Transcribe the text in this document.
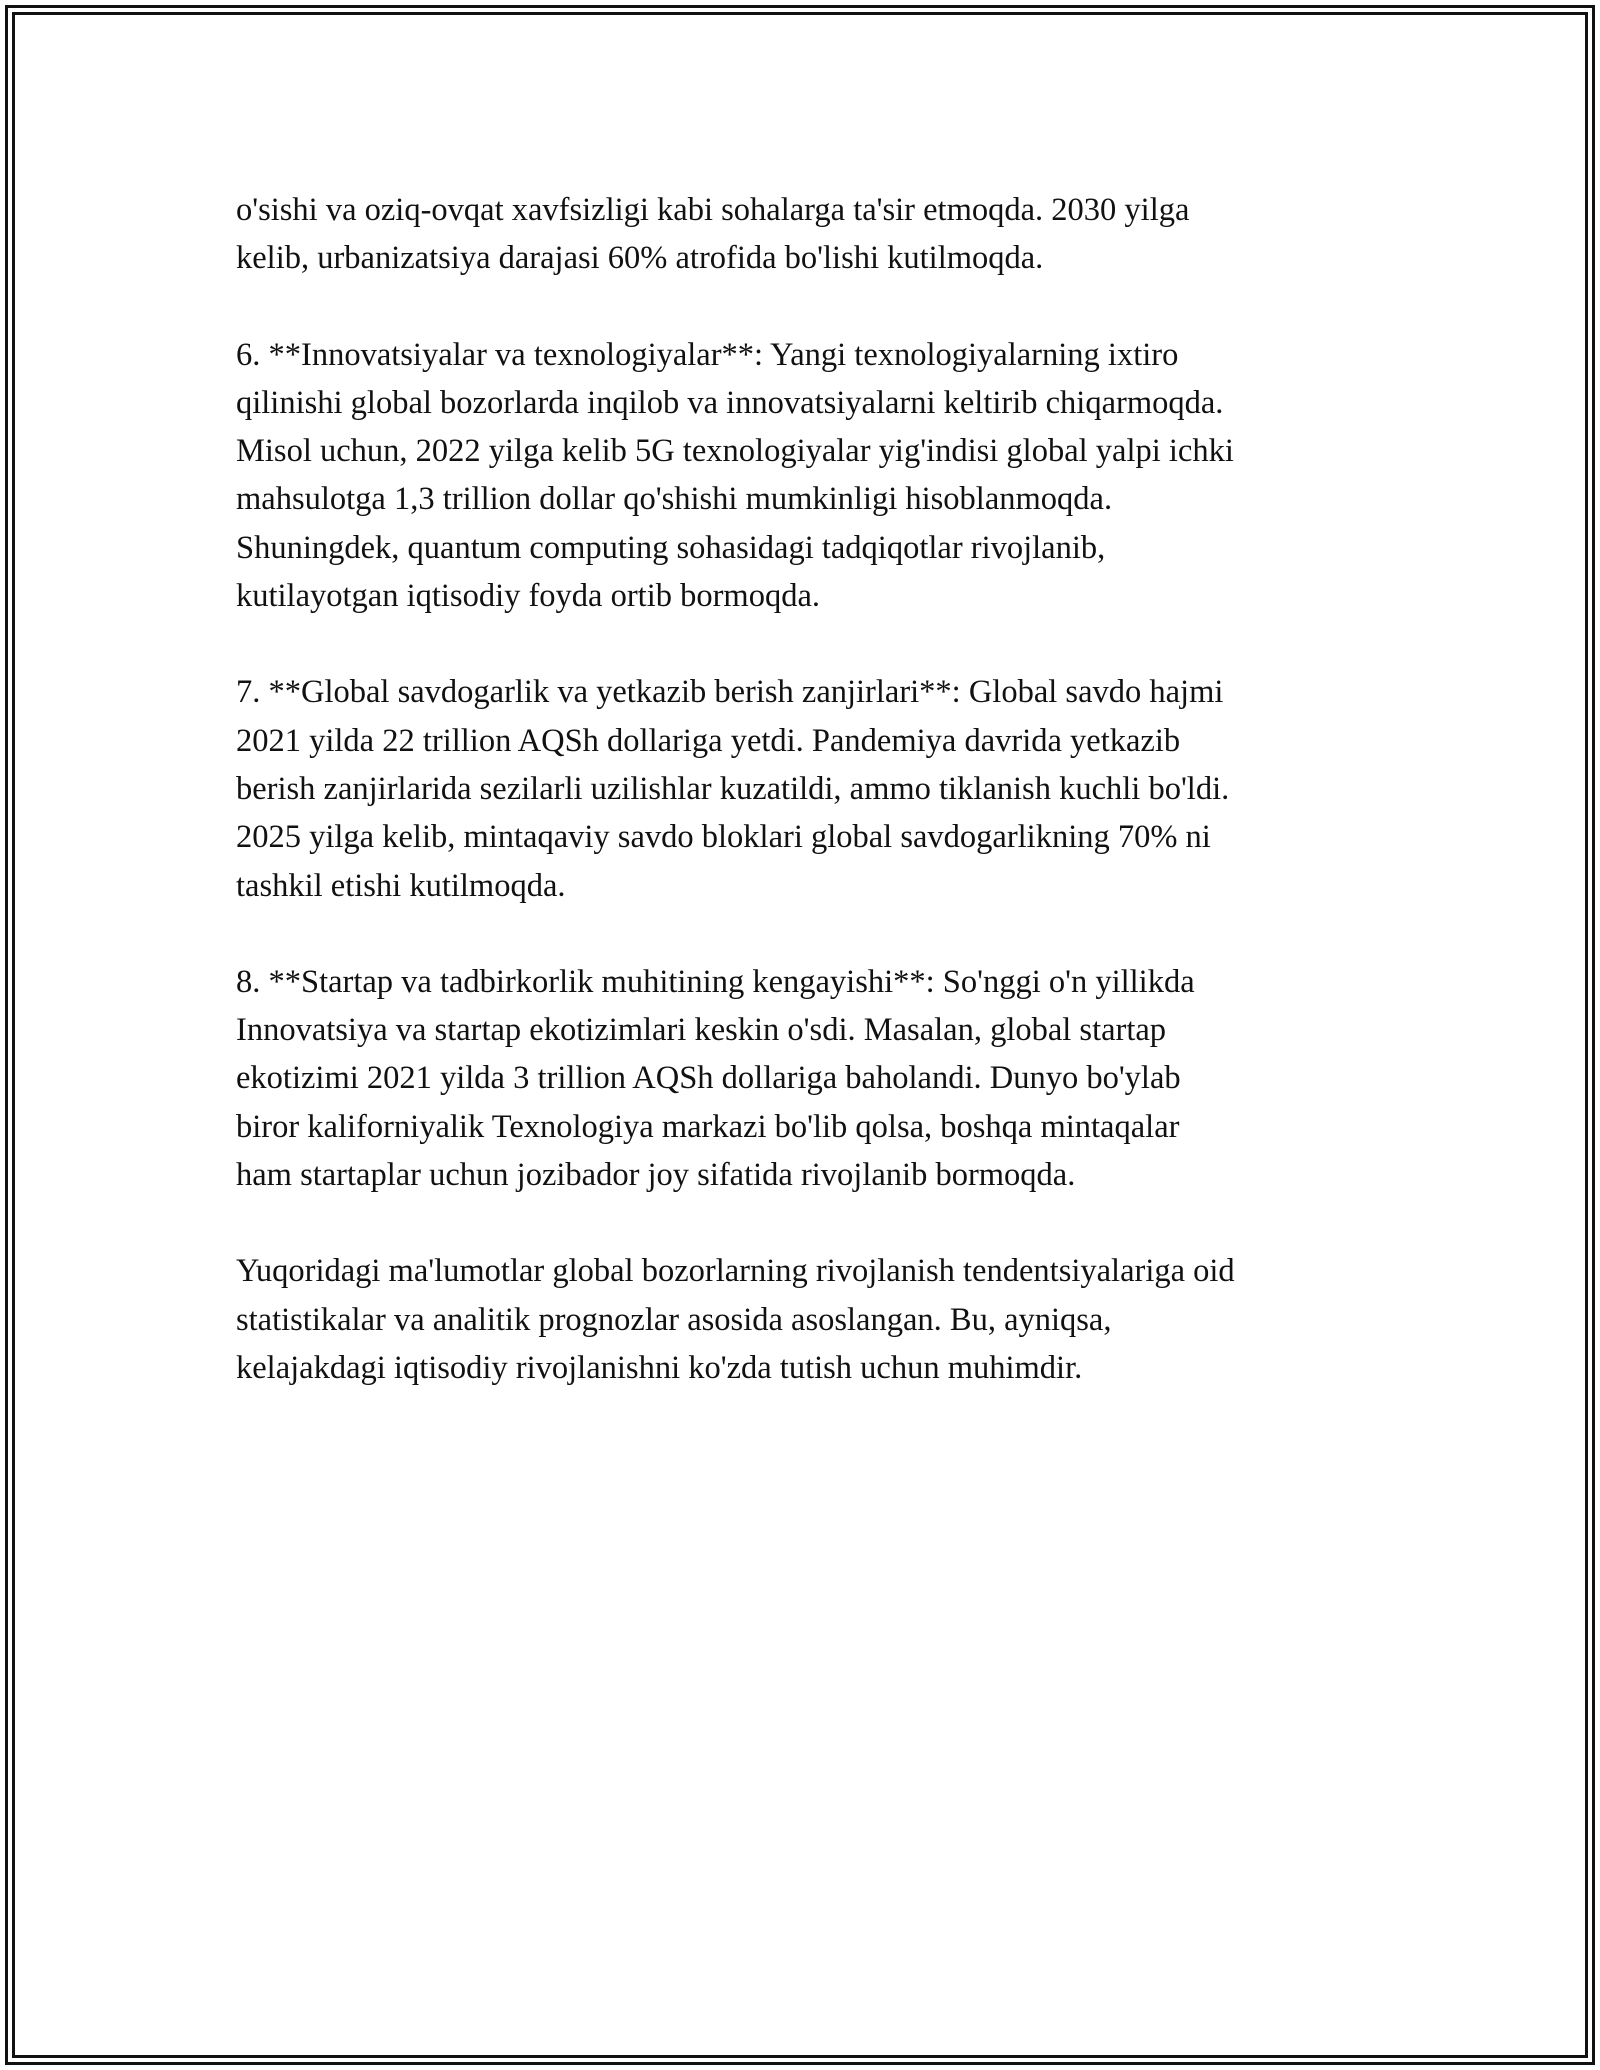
o'sishi va oziq-ovqat xavfsizligi kabi sohalarga ta'sir etmoqda. 2030 yilga
kelib, urbanizatsiya darajasi 60% atrofida bo'lishi kutilmoqda.

6. **Innovatsiyalar va texnologiyalar**: Yangi texnologiyalarning ixtiro
qilinishi global bozorlarda inqilob va innovatsiyalarni keltirib chiqarmoqda.
Misol uchun, 2022 yilga kelib 5G texnologiyalar yig'indisi global yalpi ichki
mahsulotga 1,3 trillion dollar qo'shishi mumkinligi hisoblanmoqda.
Shuningdek, quantum computing sohasidagi tadqiqotlar rivojlanib,
kutilayotgan iqtisodiy foyda ortib bormoqda.

7. **Global savdogarlik va yetkazib berish zanjirlari**: Global savdo hajmi
2021 yilda 22 trillion AQSh dollariga yetdi. Pandemiya davrida yetkazib
berish zanjirlarida sezilarli uzilishlar kuzatildi, ammo tiklanish kuchli bo'ldi.
2025 yilga kelib, mintaqaviy savdo bloklari global savdogarlikning 70% ni
tashkil etishi kutilmoqda.

8. **Startap va tadbirkorlik muhitining kengayishi**: So'nggi o'n yillikda
Innovatsiya va startap ekotizimlari keskin o'sdi. Masalan, global startap
ekotizimi 2021 yilda 3 trillion AQSh dollariga baholandi. Dunyo bo'ylab
biror kaliforniyalik Texnologiya markazi bo'lib qolsa, boshqa mintaqalar
ham startaplar uchun jozibador joy sifatida rivojlanib bormoqda.

Yuqoridagi ma'lumotlar global bozorlarning rivojlanish tendentsiyalariga oid
statistikalar va analitik prognozlar asosida asoslangan. Bu, ayniqsa,
kelajakdagi iqtisodiy rivojlanishni ko'zda tutish uchun muhimdir.
